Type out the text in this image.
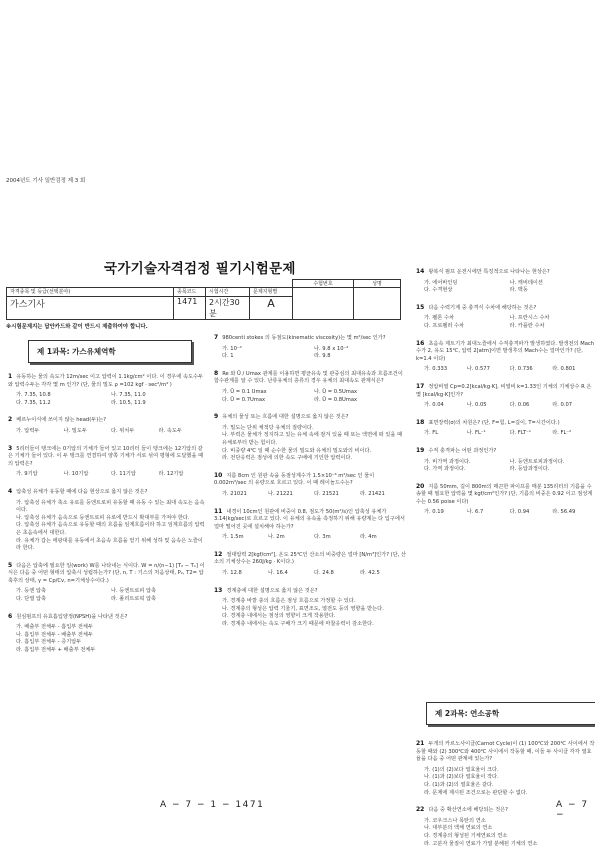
2004년도 기사 일반검정 제 3 회
국가기술자격검정 필기시험문제
				수험번호	성명
자격종목 및 등급(선택분야)	종목코드	시험시간	문제지형별		
가스기사	1471	2시간30분	A		
※시험문제지는 답안카드와 같이 반드시 제출하여야 합니다.
제 1과목: 가스유체역학
제 2과목: 연소공학
1 유동하는 물의 속도가 12m/sec 이고 압력이 1.1kg/cm² 이다. 이 경우에 속도수두와 압력수두는 각각 몇 m 인가? (단, 물의 밀도 ρ =102 kgf · sec²/m⁴ )
가. 7.35, 10.8	나. 7.35, 11.0
다. 7.35, 11.2	라. 10.5, 11.9
2 베르누이식에 쓰이지 않는 head(두)는?
가. 압력두	나. 밀도두	다. 위치두	라. 속도두
3 5리터들이 탱크에는 0기압의 기체가 들어 있고 10리터 들이 탱크에는 12기압의 같은 기체가 들어 있다. 이 두 탱크를 연결하여 양쪽 기체가 서로 섞여 평형에 도달했을 때의 압력은?
가. 9기압	나. 10기압	다. 11기압	라. 12기압
4 압축성 유체가 유동할 때에 다음 현상으로 옳지 않은 것은?
가. 압축성 유체가 축소 유로를 등엔트로피 유동할 때 유동 수 있는 최대 속도는 음속이다.
나. 압축성 유체가 음속으로 등엔트로피 유로에 반드시 확대부를 가져야 한다.
다. 압축성 유체가 음속으로 유동할 때의 흐름을 임계흐름이라 하고 임계흐름의 압력은 초음속에서 대한다.
라. 유체가 갑는 에팡대를 유동에서 초음속 흐름을 얻기 위해 성하 및 음속은 노즐이라 한다.
5 다음은 압축에 필요한 일(work) W를 나타내는 식이다. W = n/(n−1) [T₂ − T₁] 이 식은 다음 중 어떤 형태의 압축시 성립하는가? (단, n, T : 기스의 처음상태, P₂, T2= 압축후의 상태, γ = Cp/Cv, n=기체상수이다.)
가. 등엔 압축	나. 등엔트로피 압축
다. 단열 압축	라. 폴리트로픽 압축
6 원심펌프의 유효흡입양정(NPSH)을 나타낸 것은?
가. 배출부 전체두 - 흡입부 전체두
나. 흡입부 전체두 - 배출부 전체두
다. 흡입부 전체두 - 증기압두
라. 흡입부 전체두 + 배출부 전체두
7 980centi stokes 의 동점도(kinematic viscosity)는 몇 m²/sec 인가?
가. 10⁻⁴	나. 9.8 x 10⁻⁴
다. 1	라. 9.8
8 Re 와 Ū / Umax 관계를 이용하면 평균유속 및 관중심의 최대유속과 흐름조건이 함수관계를 알 수 있다. 난류유체의 층류의 경우 유체의 최대속도 관계식은?
가. Ū = 0.1 Umax	나. Ū = 0.5Umax
다. Ū = 0.7Umax	라. Ū = 0.8Umax
9 유체의 물성 또는 흐름에 대한 설명으로 옳지 않은 것은?
가. 밀도는 단위 체적당 유체의 질량이다.
나. 부력은 물체가 정지하고 있는 유체 속에 잠겨 있을 때 또는 액면에 떠 있을 때 유체로부터 받는 힘이다.
다. 비중량 4℃ 일 때 순수한 물의 밀도와 유체의 밀도와의 비이다.
라. 전단응력은 점성에 의한 속도 구배에 기인한 압력이다.
10 지름 8cm 인 원관 속을 동점성계수가 1.5×10⁻⁶ m²/sec 인 물이 0.002m³/sec 의 유량으로 흐르고 있다. 이 때 레이놀드수는?
가. 21021	나. 21221	다. 21521	라. 21421
11 내경이 10cm인 원관에 비중이 0.8, 점도가 50(m²/s)인 압축성 유체가 3.14(kg/sec)로 흐르고 있다. 이 유체의 유속을 측정하기 위해 유량계는 다 입구에서 얼마 떨어진 곳에 설치해야 하는가?
가. 1.5m	나. 2m	다. 3m	라. 4m
12 절대압력 2[kgf/cm²], 온도 25℃인 산소의 비중량은 얼마 [N/m³]인가? (단, 산소의 기체상수는 260J/kg · K이다.)
가. 12.8	나. 16.4	다. 24.8	라. 42.5
13 경계층에 대한 설명으로 옳지 않은 것은?
가. 경계층 바깥 층의 흐름은 점성 흐름으로 가정할 수 있다.
나. 경계층의 형성은 압력 기울기, 표면조도, 열전도 등의 영향을 받는다.
다. 경계층 내에서는 점성의 영향이 크게 작용한다.
라. 경계층 내에서는 속도 구배가 크기 때문에 마찰응력이 감소한다.
14 왕복식 펌프 운전시에만 특징적으로 나타나는 현상은?
가. 에어바인딩	나. 캐비테이션
다. 수격현상	라. 맥동
15 다음 수력기계 중 충격식 수차에 해당하는 것은?
가. 펠톤 수차	나. 프란시스 수차
다. 프로펠러 수차	라. 카플란 수차
16 초음속 제트기가 최대노즐에서 수직충격파가 발생하였다. 발생전의 Mach수가 2, 유도 15℃, 압력 2[atm]이면 발생후의 Mach수는 얼마인가? (단, k=1.4 이다)
가. 0.333	나. 0.577	다. 0.736	라. 0.801
17 정압비열 Cp=0.2[kcal/kg·K], 비열비 k=1.33인 기체의 기체상수 R 은 몇 [kcal/kg·K]인가?
가. 0.04	나. 0.05	다. 0.06	라. 0.07
18 표면장력(σ)의 차원은? (단, F=힘, L=길이, T=시간이다.)
가. FL	나. FL⁻¹	다. FLT⁻¹	라. FL⁻²
19 수직 충격파는 어떤 과정인가?
가. 비가역 과정이다.	나. 등엔트로피과정이다.
다. 가역 과정이다.	라. 등압과정이다.
20 지름 50mm, 길이 800m의 매끈한 파이프를 매분 135리터의 기름을 수송할 때 필요한 압력을 몇 kgf/cm²인가? (단, 기름의 비중은 0.92 이고 점성계수는 0.56 poise 이다)
가. 0.19	나. 6.7	다. 0.94	라. 56.49
21 두개의 카르노사이클(Carnot Cycle)이 (1) 100℃와 200℃ 사이에서 작동할 때와 (2) 300℃와 400℃ 사이에서 작동할 때, 이들 두 사이클 각각 열효율을 다음 중 어떤 관계에 있는가?
가. (1)의 (2)보다 열효율이 크다.
나. (1)과 (2)보다 열효율이 작다.
다. (1)과 (2)의 열효율은 같다.
라. 문제에 제시된 조건으로는 판단할 수 없다.
22 다음 중 확산연소에 해당되는 것은?
가. 코우크스나 목탄의 연소
나. 대부분의 액체 연료의 연소
다. 경계층의 형성된 기체연료의 연소
라. 고분자 물질이 연료가 가열 분해된 기체의 연소
A − 7 − 1 − 1471	A − 7 −
